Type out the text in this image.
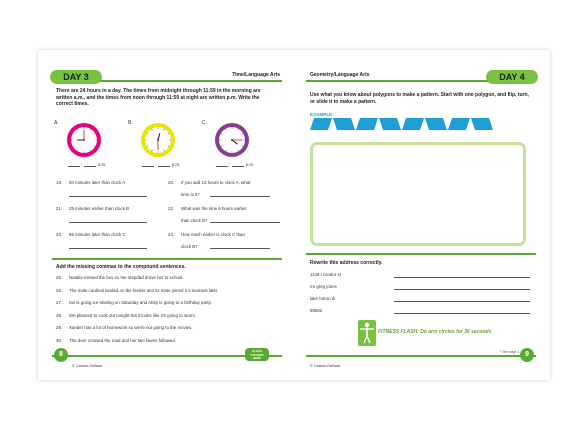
DAY 3	Time/Language Arts
There are 24 hours in a day. The times from midnight through 11:59 in the morning are written a.m., and the times from noon through 11:59 at night are written p.m. Write the correct times.
A.
:	a.m.
B.
:	p.m.
C.
:	p.m.
19. 50 minutes later than clock A
21. 25 minutes earlier than clock B
23. 95 minutes later than clock C
20. If you add 12 hours to clock A, what
time is it?
22. What was the time 6 hours earlier
than clock B?
24. How much earlier is clock C than
clock B?
Add the missing commas to the compound sentences.
25. Natalia missed the bus so her stepdad drove her to school.
26. The male cardinal landed on the feeder and its mate joined it a moment later.
27. Ian is going ice-skating on Saturday and Abby is going to a birthday party.
28. We planned to cook out tonight but it looks like it's going to storm.
29. Xander has a lot of homework so we're not going to the movies.
30. The deer crossed the road and her two fawns followed.
8
© Carson-Dellosa
PLACE
STICKER
HERE
Geometry/Language Arts	DAY 4
Use what you know about polygons to make a pattern. Start with one polygon, and flip, turn, or slide it to make a pattern.
EXAMPLE:
Rewrite this address correctly.
1146 l condor st
mr greg jones
lake toma oh
98562
FITNESS FLASH: Do arm circles for 30 seconds
* See page 1. 9
© Carson-Dellosa
